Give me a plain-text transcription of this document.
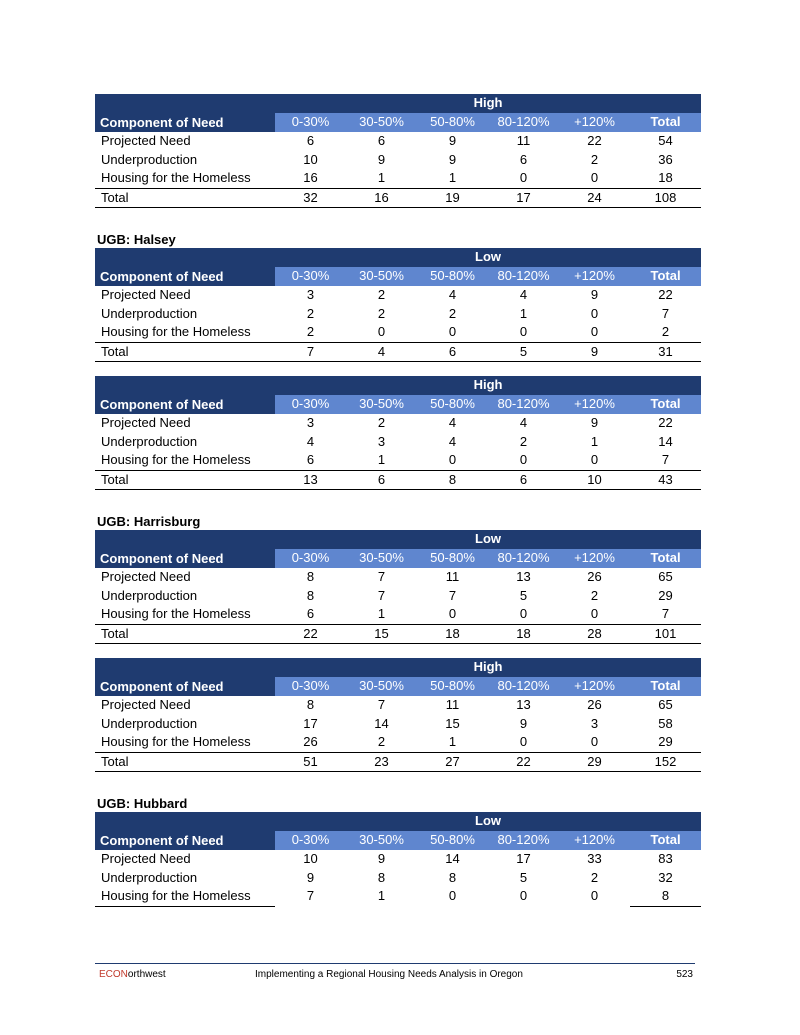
	High					
Component of Need	0-30%	30-50%	50-80%	80-120%	+120%	Total
Projected Need	6	6	9	11	22	54
Underproduction	10	9	9	6	2	36
Housing for the Homeless	16	1	1	0	0	18
Total	32	16	19	17	24	108
UGB: Halsey
	Low					
Component of Need	0-30%	30-50%	50-80%	80-120%	+120%	Total
Projected Need	3	2	4	4	9	22
Underproduction	2	2	2	1	0	7
Housing for the Homeless	2	0	0	0	0	2
Total	7	4	6	5	9	31
	High					
Component of Need	0-30%	30-50%	50-80%	80-120%	+120%	Total
Projected Need	3	2	4	4	9	22
Underproduction	4	3	4	2	1	14
Housing for the Homeless	6	1	0	0	0	7
Total	13	6	8	6	10	43
UGB: Harrisburg
	Low					
Component of Need	0-30%	30-50%	50-80%	80-120%	+120%	Total
Projected Need	8	7	11	13	26	65
Underproduction	8	7	7	5	2	29
Housing for the Homeless	6	1	0	0	0	7
Total	22	15	18	18	28	101
	High					
Component of Need	0-30%	30-50%	50-80%	80-120%	+120%	Total
Projected Need	8	7	11	13	26	65
Underproduction	17	14	15	9	3	58
Housing for the Homeless	26	2	1	0	0	29
Total	51	23	27	22	29	152
UGB: Hubbard
	Low					
Component of Need	0-30%	30-50%	50-80%	80-120%	+120%	Total
Projected Need	10	9	14	17	33	83
Underproduction	9	8	8	5	2	32
Housing for the Homeless	7	1	0	0	0	8
ECONorthwest	Implementing a Regional Housing Needs Analysis in Oregon	523
